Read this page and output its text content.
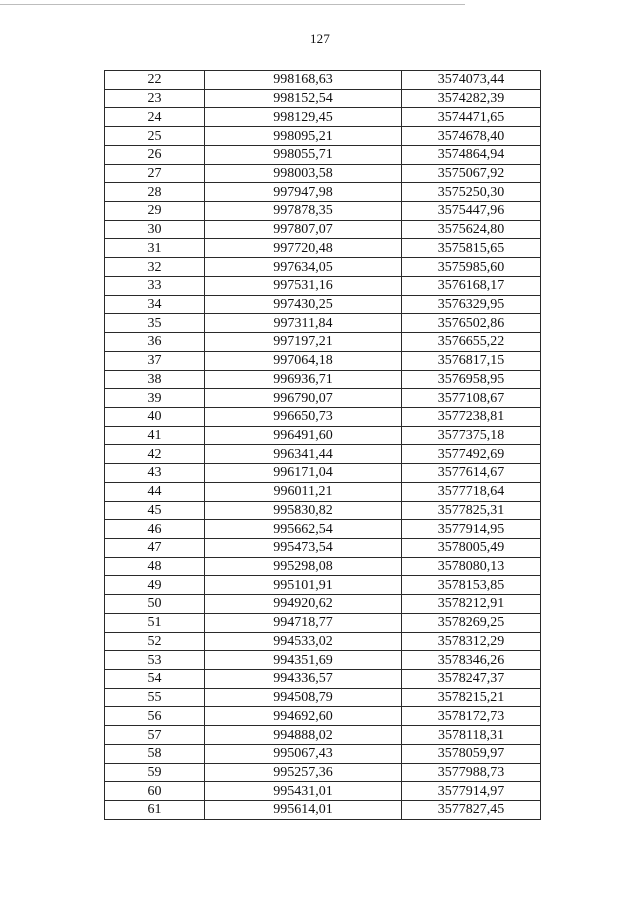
127
22	998168,63	3574073,44
23	998152,54	3574282,39
24	998129,45	3574471,65
25	998095,21	3574678,40
26	998055,71	3574864,94
27	998003,58	3575067,92
28	997947,98	3575250,30
29	997878,35	3575447,96
30	997807,07	3575624,80
31	997720,48	3575815,65
32	997634,05	3575985,60
33	997531,16	3576168,17
34	997430,25	3576329,95
35	997311,84	3576502,86
36	997197,21	3576655,22
37	997064,18	3576817,15
38	996936,71	3576958,95
39	996790,07	3577108,67
40	996650,73	3577238,81
41	996491,60	3577375,18
42	996341,44	3577492,69
43	996171,04	3577614,67
44	996011,21	3577718,64
45	995830,82	3577825,31
46	995662,54	3577914,95
47	995473,54	3578005,49
48	995298,08	3578080,13
49	995101,91	3578153,85
50	994920,62	3578212,91
51	994718,77	3578269,25
52	994533,02	3578312,29
53	994351,69	3578346,26
54	994336,57	3578247,37
55	994508,79	3578215,21
56	994692,60	3578172,73
57	994888,02	3578118,31
58	995067,43	3578059,97
59	995257,36	3577988,73
60	995431,01	3577914,97
61	995614,01	3577827,45
